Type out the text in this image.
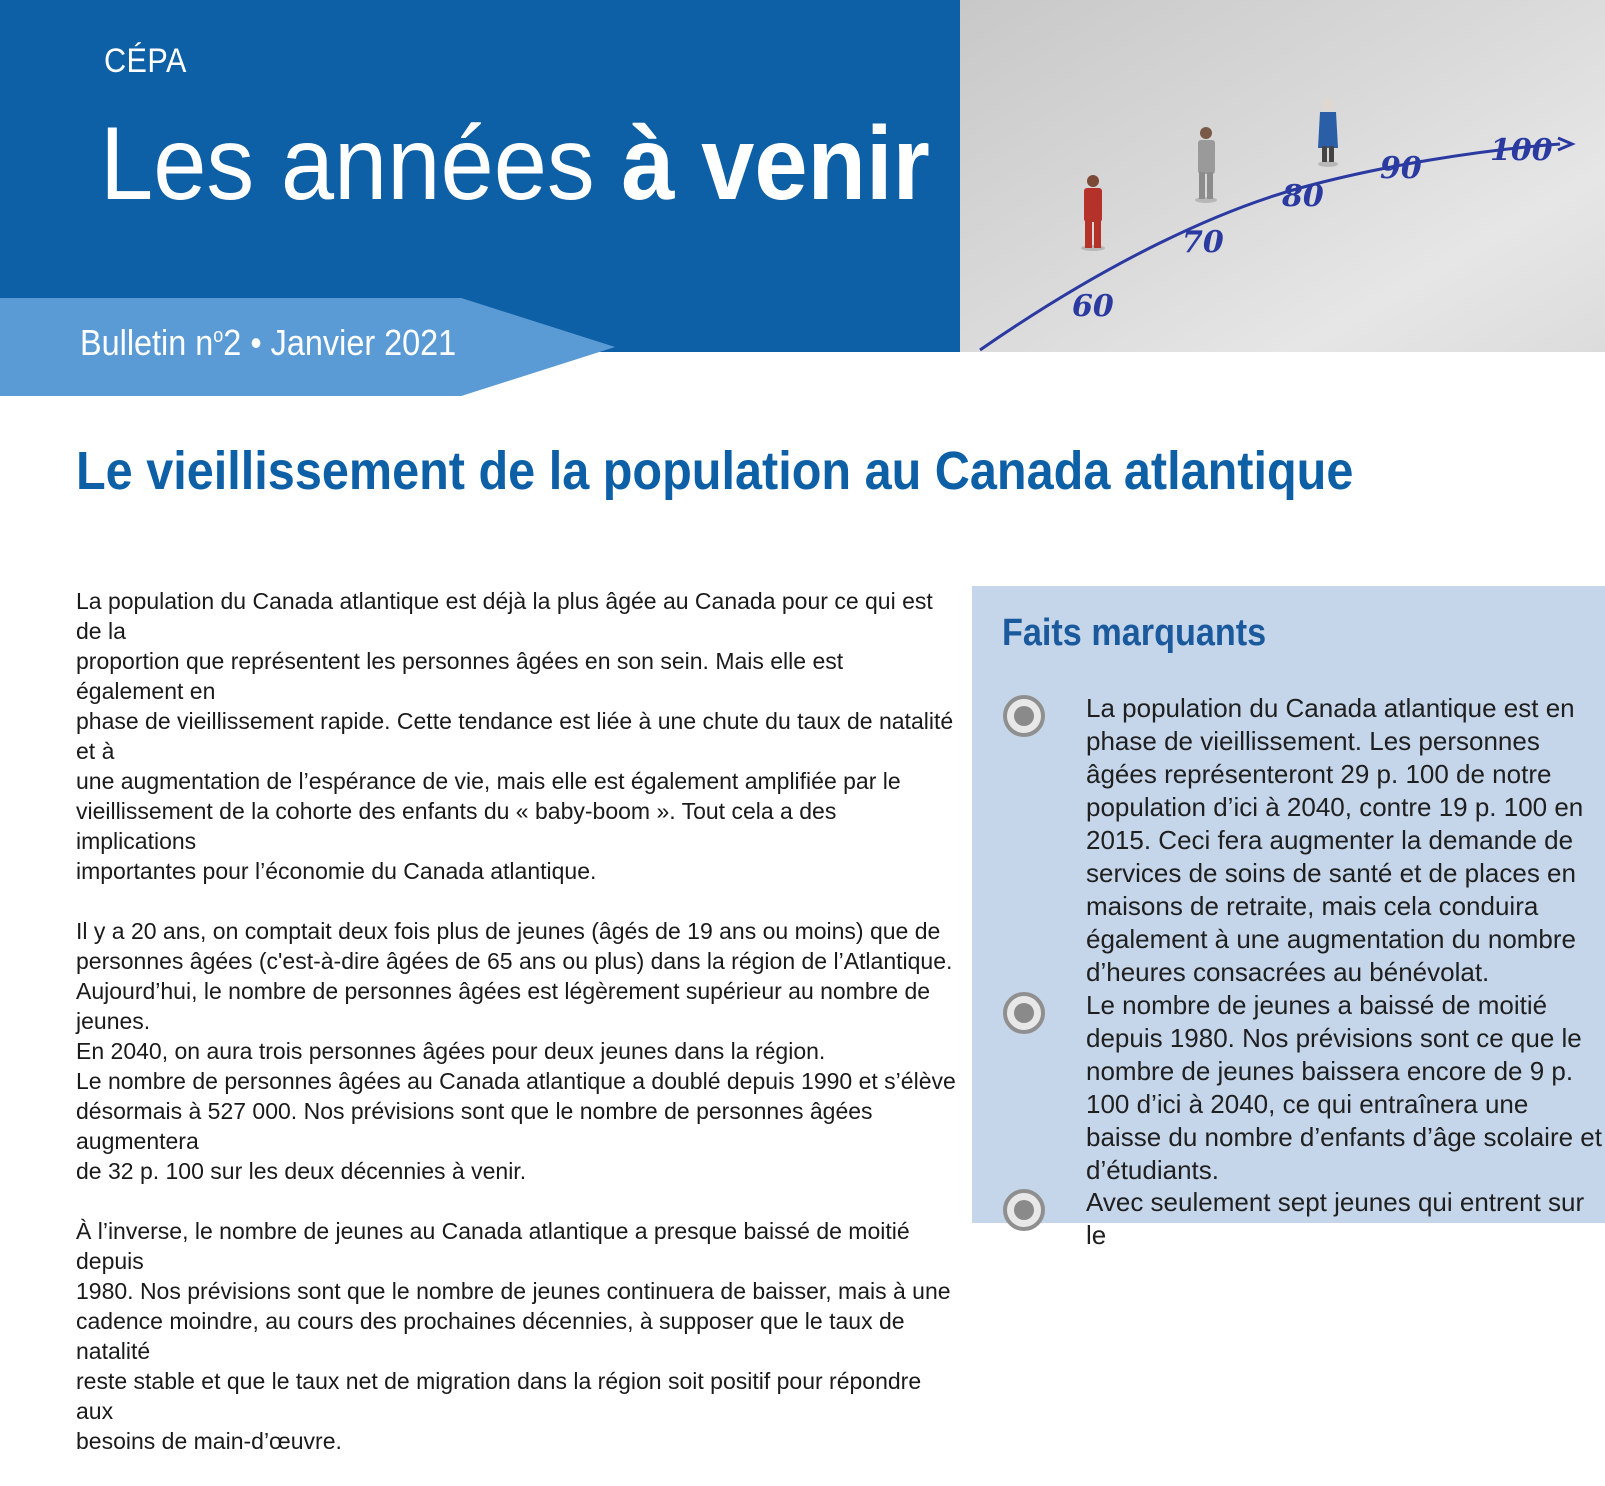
CÉPA
Les années à venir
Bulletin $n^o2$ • Janvier 2021
60
70
80
90
100
Le vieillissement de la population au Canada atlantique

La population du Canada atlantique est déjà la plus âgée au Canada pour ce qui est de la
proportion que représentent les personnes âgées en son sein. Mais elle est également en
phase de vieillissement rapide. Cette tendance est liée à une chute du taux de natalité et à
une augmentation de l’espérance de vie, mais elle est également amplifiée par le
vieillissement de la cohorte des enfants du « baby-boom ». Tout cela a des implications
importantes pour l’économie du Canada atlantique.

Il y a 20 ans, on comptait deux fois plus de jeunes (âgés de 19 ans ou moins) que de
personnes âgées (c'est-à-dire âgées de 65 ans ou plus) dans la région de l’Atlantique.
Aujourd’hui, le nombre de personnes âgées est légèrement supérieur au nombre de jeunes.
En 2040, on aura trois personnes âgées pour deux jeunes dans la région.
Le nombre de personnes âgées au Canada atlantique a doublé depuis 1990 et s’élève
désormais à 527 000. Nos prévisions sont que le nombre de personnes âgées augmentera
de 32 p. 100 sur les deux décennies à venir.

À l’inverse, le nombre de jeunes au Canada atlantique a presque baissé de moitié depuis
1980. Nos prévisions sont que le nombre de jeunes continuera de baisser, mais à une
cadence moindre, au cours des prochaines décennies, à supposer que le taux de natalité
reste stable et que le taux net de migration dans la région soit positif pour répondre aux
besoins de main-d’œuvre.

Faits marquants
La population du Canada atlantique est en phase de vieillissement. Les personnes âgées représenteront 29 p. 100 de notre population d’ici à 2040, contre 19 p. 100 en 2015. Ceci fera augmenter la demande de services de soins de santé et de places en maisons de retraite, mais cela conduira également à une augmentation du nombre d’heures consacrées au bénévolat.
Le nombre de jeunes a baissé de moitié depuis 1980. Nos prévisions sont ce que le nombre de jeunes baissera encore de 9 p. 100 d’ici à 2040, ce qui entraînera une baisse du nombre d’enfants d’âge scolaire et d’étudiants.
Avec seulement sept jeunes qui entrent sur le
